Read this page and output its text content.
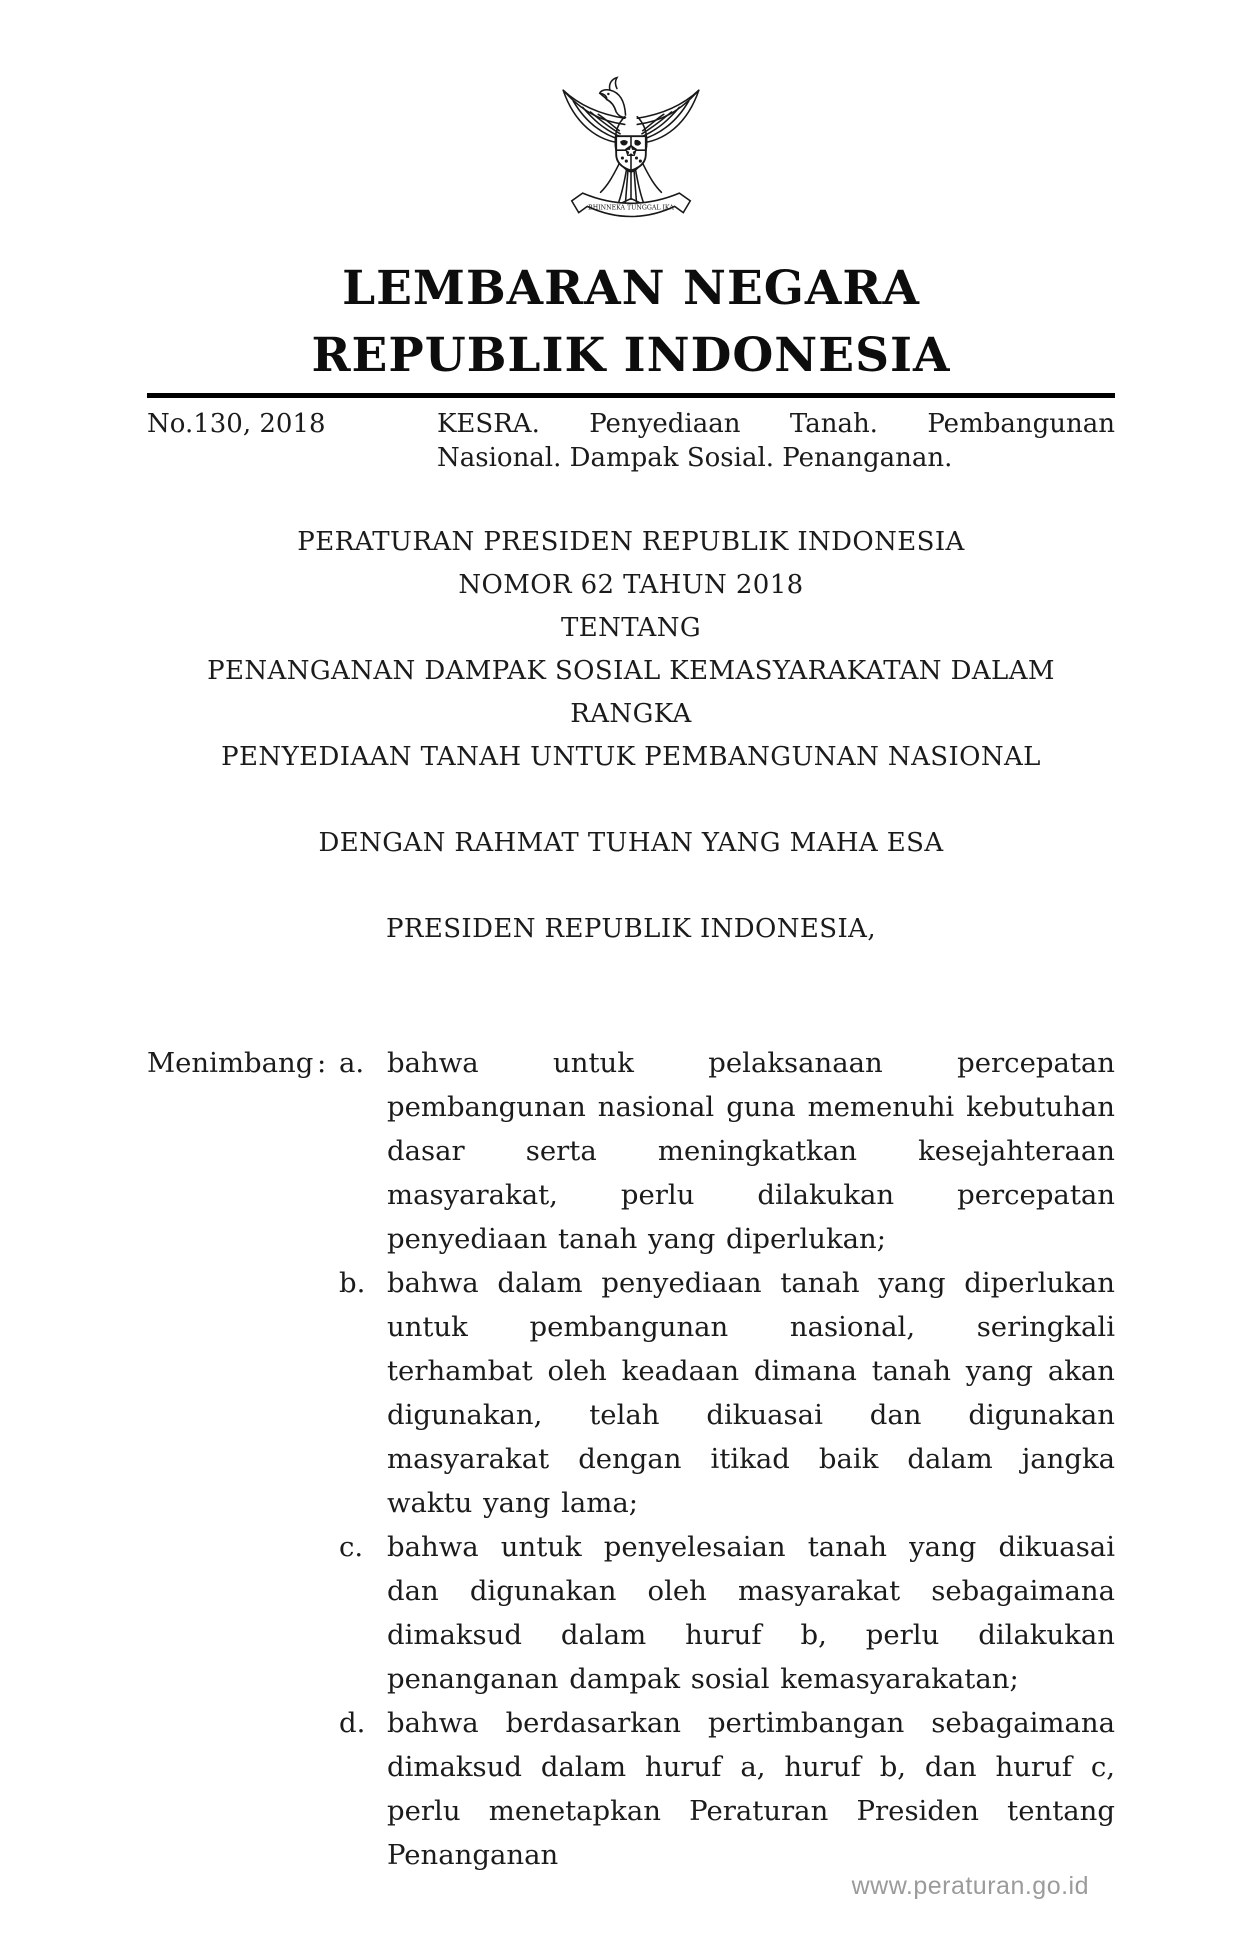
BHINNEKA TUNGGAL IKA
LEMBARAN NEGARA
REPUBLIK INDONESIA
No.130, 2018	KESRA. Penyediaan Tanah. Pembangunan Nasional. Dampak Sosial. Penanganan.
PERATURAN PRESIDEN REPUBLIK INDONESIA
NOMOR 62 TAHUN 2018
TENTANG
PENANGANAN DAMPAK SOSIAL KEMASYARAKATAN DALAM RANGKA
PENYEDIAAN TANAH UNTUK PEMBANGUNAN NASIONAL
DENGAN RAHMAT TUHAN YANG MAHA ESA
PRESIDEN REPUBLIK INDONESIA,
Menimbang : a. bahwa untuk pelaksanaan percepatan pembangunan nasional guna memenuhi kebutuhan dasar serta meningkatkan kesejahteraan masyarakat, perlu dilakukan percepatan penyediaan tanah yang diperlukan;
b. bahwa dalam penyediaan tanah yang diperlukan untuk pembangunan nasional, seringkali terhambat oleh keadaan dimana tanah yang akan digunakan, telah dikuasai dan digunakan masyarakat dengan itikad baik dalam jangka waktu yang lama;
c. bahwa untuk penyelesaian tanah yang dikuasai dan digunakan oleh masyarakat sebagaimana dimaksud dalam huruf b, perlu dilakukan penanganan dampak sosial kemasyarakatan;
d. bahwa berdasarkan pertimbangan sebagaimana dimaksud dalam huruf a, huruf b, dan huruf c, perlu menetapkan Peraturan Presiden tentang Penanganan
www.peraturan.go.id
